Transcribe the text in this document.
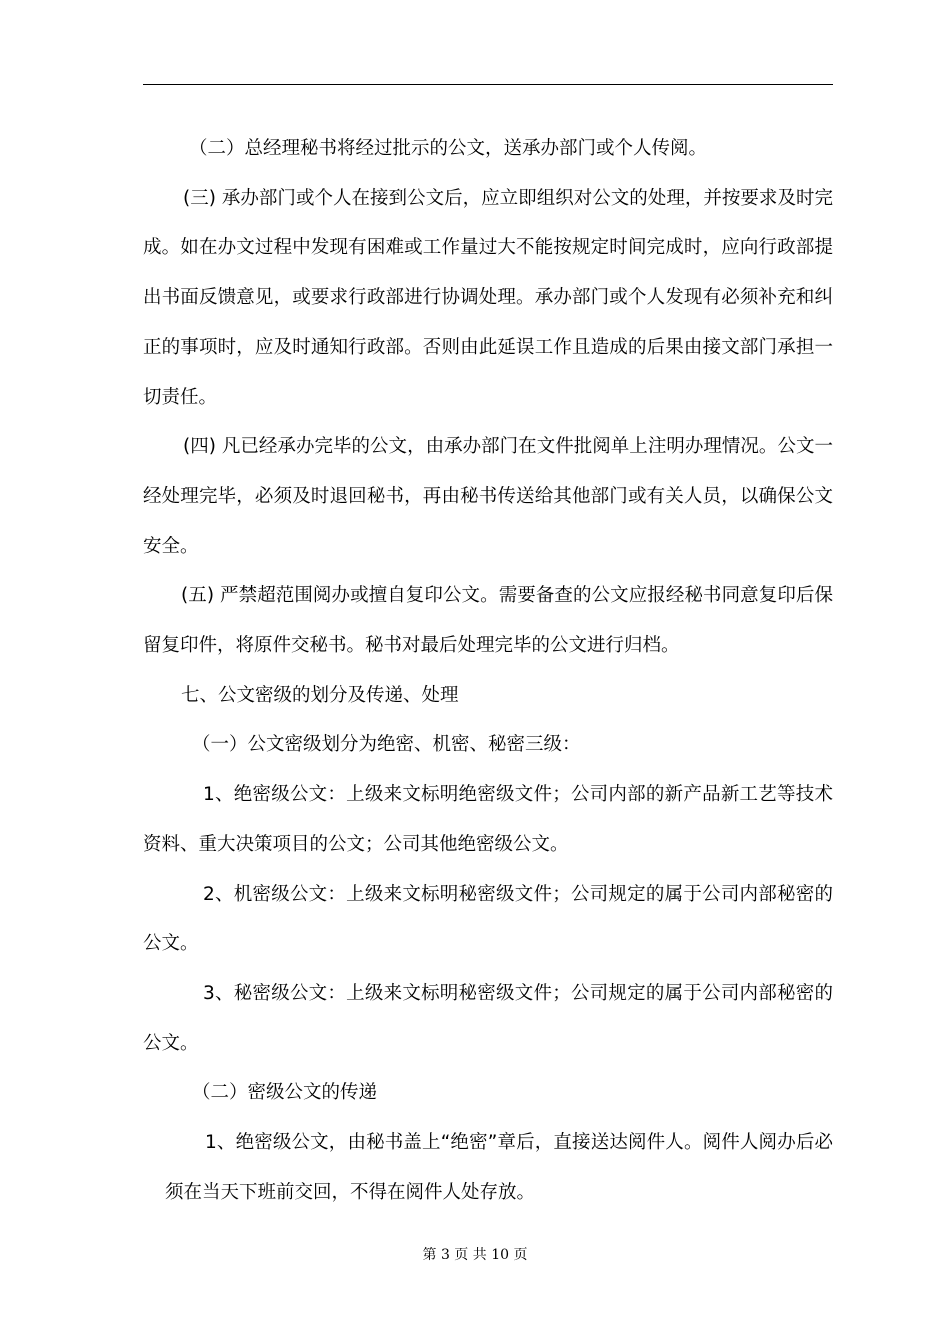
（二）总经理秘书将经过批示的公文，送承办部门或个人传阅。

(三) 承办部门或个人在接到公文后，应立即组织对公文的处理，并按要求及时完成。如在办文过程中发现有困难或工作量过大不能按规定时间完成时，应向行政部提出书面反馈意见，或要求行政部进行协调处理。承办部门或个人发现有必须补充和纠正的事项时，应及时通知行政部。否则由此延误工作且造成的后果由接文部门承担一切责任。

(四) 凡已经承办完毕的公文，由承办部门在文件批阅单上注明办理情况。公文一经处理完毕，必须及时退回秘书，再由秘书传送给其他部门或有关人员，以确保公文安全。

(五) 严禁超范围阅办或擅自复印公文。需要备查的公文应报经秘书同意复印后保留复印件，将原件交秘书。秘书对最后处理完毕的公文进行归档。

七、公文密级的划分及传递、处理

（一）公文密级划分为绝密、机密、秘密三级：

1、绝密级公文：上级来文标明绝密级文件；公司内部的新产品新工艺等技术资料、重大决策项目的公文；公司其他绝密级公文。

2、机密级公文：上级来文标明秘密级文件；公司规定的属于公司内部秘密的公文。

3、秘密级公文：上级来文标明秘密级文件；公司规定的属于公司内部秘密的公文。

（二）密级公文的传递

1、绝密级公文，由秘书盖上“绝密”章后，直接送达阅件人。阅件人阅办后必须在当天下班前交回，不得在阅件人处存放。

第 3 页 共 10 页
